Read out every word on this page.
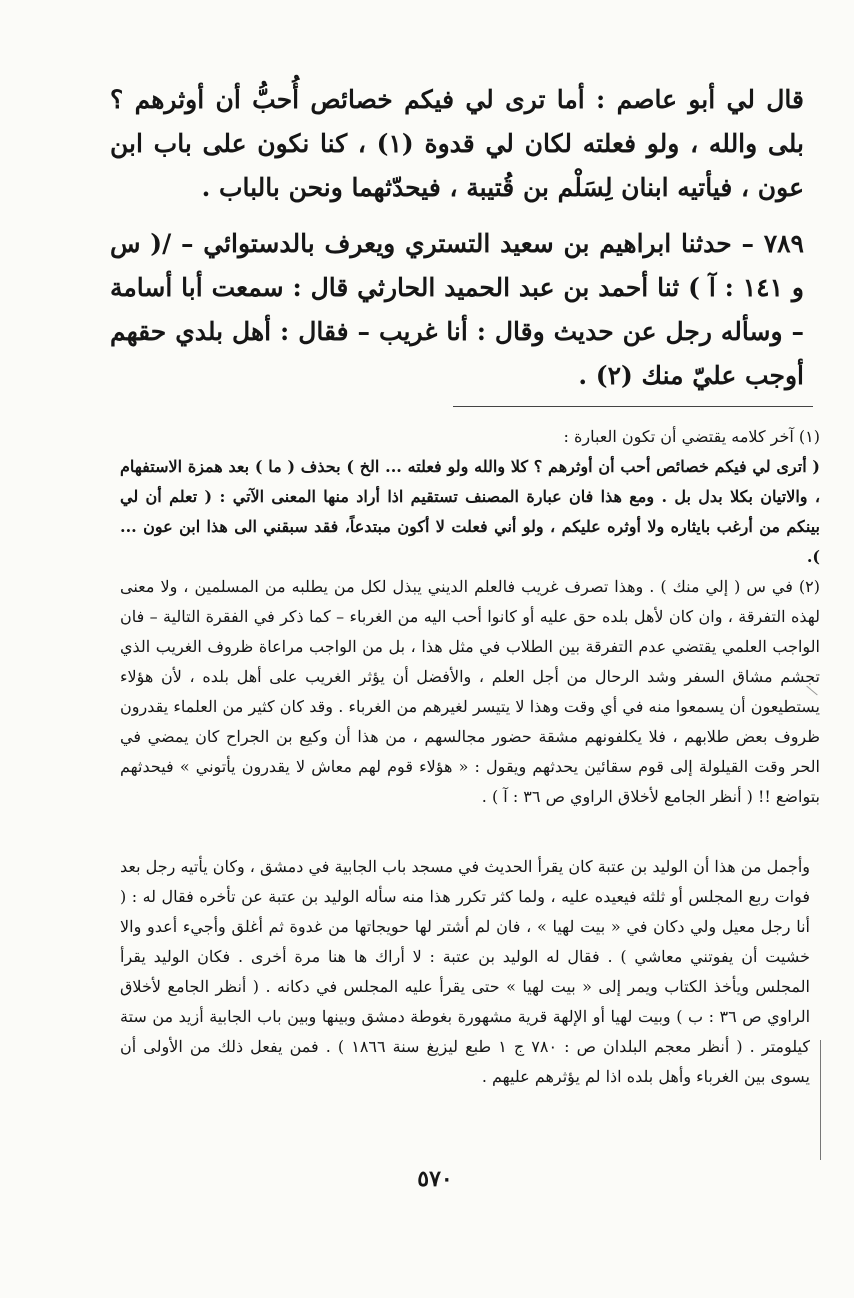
قال لي أبو عاصم : أما ترى لي فيكم خصائص أُحبُّ أن أوثرهم ؟ بلى والله ، ولو فعلته لكان لي قدوة (١) ، كنا نكون على باب ابن عون ، فيأتيه ابنان لِسَلْم بن قُتيبة ، فيحدّثهما ونحن بالباب .

٧٨٩ – حدثنا ابراهيم بن سعيد التستري ويعرف بالدستوائي – /( س و ١٤١ : آ ) ثنا أحمد بن عبد الحميد الحارثي قال : سمعت أبا أسامة – وسأله رجل عن حديث وقال : أنا غريب – فقال : أهل بلدي حقهم أوجب عليّ منك (٢) .

(١) آخر كلامه يقتضي أن تكون العبارة :

( أترى لي فيكم خصائص أحب أن أوثرهم ؟ كلا والله ولو فعلته ... الخ ) بحذف ( ما ) بعد همزة الاستفهام ، والاتيان بكلا بدل بل . ومع هذا فان عبارة المصنف تستقيم اذا أراد منها المعنى الآتي : ( تعلم أن لي بينكم من أرغب بايثاره ولا أوثره عليكم ، ولو أني فعلت لا أكون مبتدعاً، فقد سبقني الى هذا ابن عون ... ).

(٢) في س ( إلي منك ) . وهذا تصرف غريب فالعلم الديني يبذل لكل من يطلبه من المسلمين ، ولا معنى لهذه التفرقة ، وان كان لأهل بلده حق عليه أو كانوا أحب اليه من الغرباء – كما ذكر في الفقرة التالية – فان الواجب العلمي يقتضي عدم التفرقة بين الطلاب في مثل هذا ، بل من الواجب مراعاة ظروف الغريب الذي تجشم مشاق السفر وشد الرحال من أجل العلم ، والأفضل أن يؤثر الغريب على أهل بلده ، لأن هؤلاء يستطيعون أن يسمعوا منه في أي وقت وهذا لا يتيسر لغيرهم من الغرباء . وقد كان كثير من العلماء يقدرون ظروف بعض طلابهم ، فلا يكلفونهم مشقة حضور مجالسهم ، من هذا أن وكيع بن الجراح كان يمضي في الحر وقت القيلولة إلى قوم سقائين يحدثهم ويقول : « هؤلاء قوم لهم معاش لا يقدرون يأتوني » فيحدثهم بتواضع !! ( أنظر الجامع لأخلاق الراوي ص ٣٦ : آ ) .

وأجمل من هذا أن الوليد بن عتبة كان يقرأ الحديث في مسجد باب الجابية في دمشق ، وكان يأتيه رجل بعد فوات ربع المجلس أو ثلثه فيعيده عليه ، ولما كثر تكرر هذا منه سأله الوليد بن عتبة عن تأخره فقال له : ( أنا رجل معيل ولي دكان في « بيت لهيا » ، فان لم أشتر لها حويجاتها من غدوة ثم أغلق وأجيء أعدو والا خشيت أن يفوتني معاشي ) . فقال له الوليد بن عتبة : لا أراك ها هنا مرة أخرى . فكان الوليد يقرأ المجلس ويأخذ الكتاب ويمر إلى « بيت لهيا » حتى يقرأ عليه المجلس في دكانه . ( أنظر الجامع لأخلاق الراوي ص ٣٦ : ب ) وبيت لهيا أو الإلهة قرية مشهورة بغوطة دمشق وبينها وبين باب الجابية أزيد من ستة كيلومتر . ( أنظر معجم البلدان ص : ٧٨٠ ج ١ طبع ليزيغ سنة ١٨٦٦ ) . فمن يفعل ذلك من الأولى أن يسوى بين الغرباء وأهل بلده اذا لم يؤثرهم عليهم .

٥٧٠
